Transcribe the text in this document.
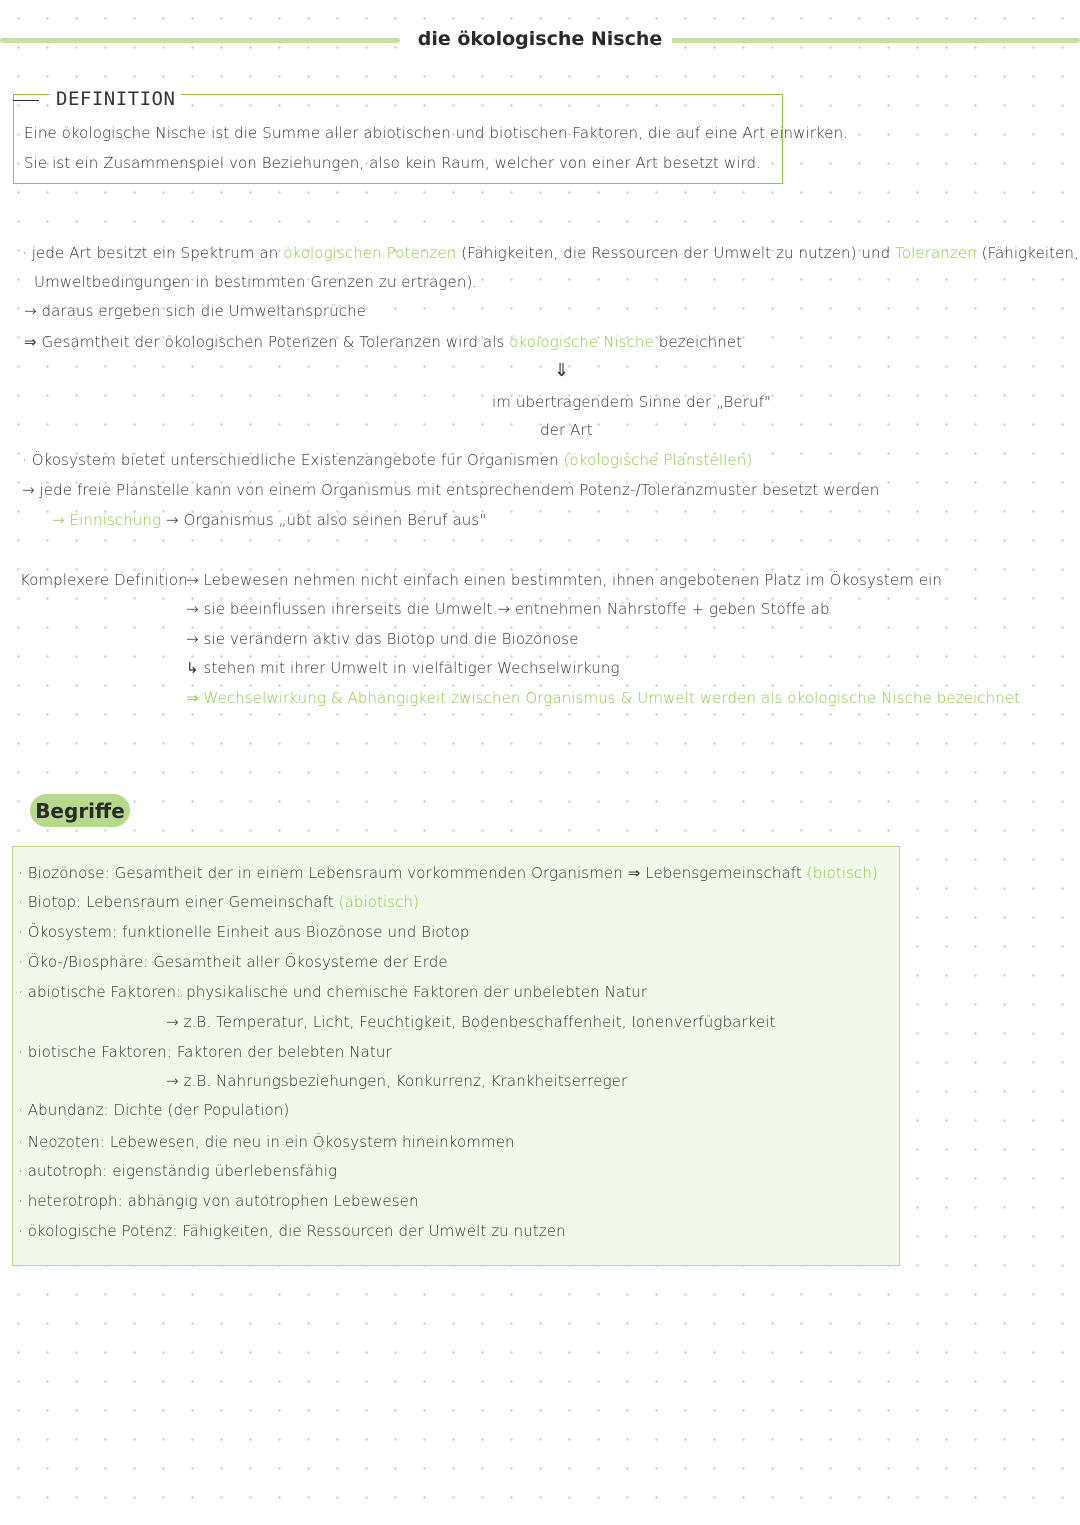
die ökologische Nische
DEFINITION
Eine ökologische Nische ist die Summe aller abiotischen und biotischen Faktoren, die auf eine Art einwirken.
Sie ist ein Zusammenspiel von Beziehungen, also kein Raum, welcher von einer Art besetzt wird.
· jede Art besitzt ein Spektrum an ökologischen Potenzen (Fähigkeiten, die Ressourcen der Umwelt zu nutzen) und Toleranzen (Fähigkeiten,
Umweltbedingungen in bestimmten Grenzen zu ertragen).
→ daraus ergeben sich die Umweltansprüche
⇒ Gesamtheit der ökologischen Potenzen & Toleranzen wird als ökologische Nische bezeichnet
⇓
im übertragendem Sinne der „Beruf"
der Art
· Ökosystem bietet unterschiedliche Existenzangebote für Organismen (ökologische Planstellen)
→ jede freie Planstelle kann von einem Organismus mit entsprechendem Potenz-/Toleranzmuster besetzt werden
→ Einnischung → Organismus „übt also seinen Beruf aus"
Komplexere Definition:
→ Lebewesen nehmen nicht einfach einen bestimmten, ihnen angebotenen Platz im Ökosystem ein
→ sie beeinflussen ihrerseits die Umwelt → entnehmen Nährstoffe + geben Stoffe ab
→ sie verändern aktiv das Biotop und die Biozönose
↳ stehen mit ihrer Umwelt in vielfältiger Wechselwirkung
⇒ Wechselwirkung & Abhängigkeit zwischen Organismus & Umwelt werden als ökologische Nische bezeichnet
Begriffe
· Biozönose: Gesamtheit der in einem Lebensraum vorkommenden Organismen ⇒ Lebensgemeinschaft (biotisch)
· Biotop: Lebensraum einer Gemeinschaft (abiotisch)
· Ökosystem: funktionelle Einheit aus Biozönose und Biotop
· Öko-/Biosphäre: Gesamtheit aller Ökosysteme der Erde
· abiotische Faktoren: physikalische und chemische Faktoren der unbelebten Natur
→ z.B. Temperatur, Licht, Feuchtigkeit, Bodenbeschaffenheit, Ionenverfügbarkeit
· biotische Faktoren: Faktoren der belebten Natur
→ z.B. Nahrungsbeziehungen, Konkurrenz, Krankheitserreger
· Abundanz: Dichte (der Population)
· Neozoten: Lebewesen, die neu in ein Ökosystem hineinkommen
· autotroph: eigenständig überlebensfähig
· heterotroph: abhängig von autotrophen Lebewesen
· ökologische Potenz: Fähigkeiten, die Ressourcen der Umwelt zu nutzen
